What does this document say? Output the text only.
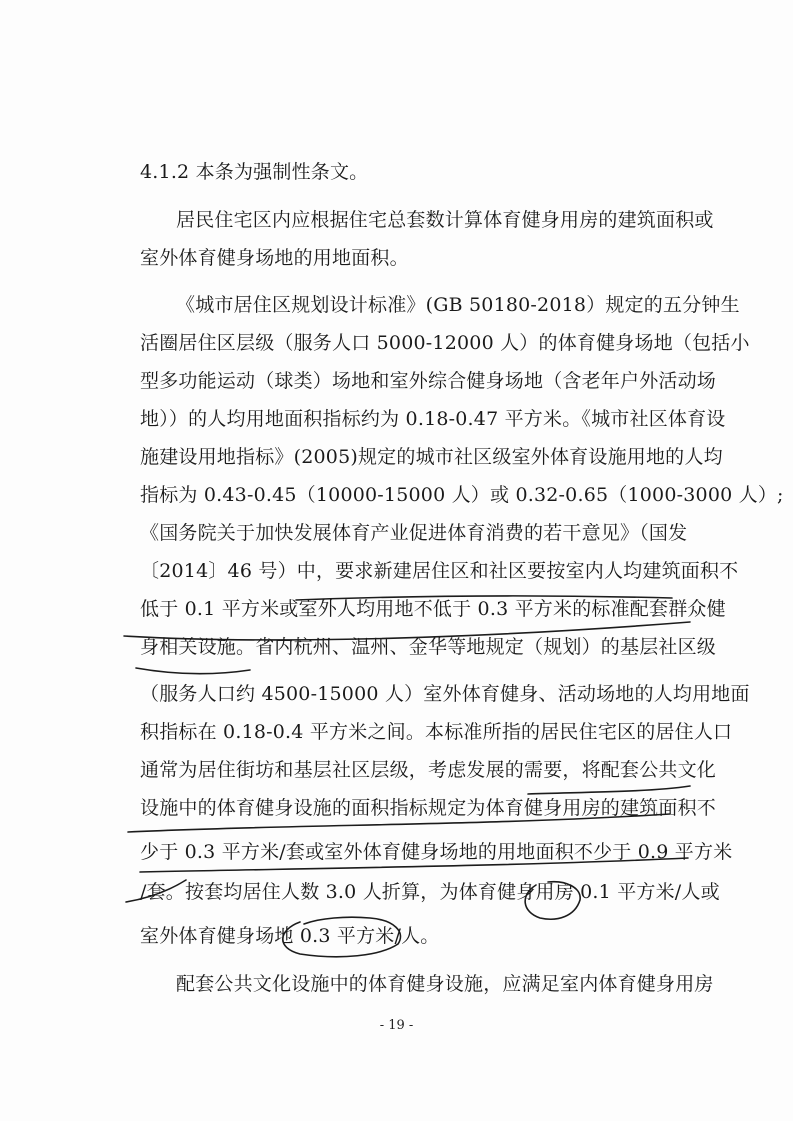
4.1.2 本条为强制性条文。
居民住宅区内应根据住宅总套数计算体育健身用房的建筑面积或
室外体育健身场地的用地面积。
《城市居住区规划设计标准》(GB 50180-2018）规定的五分钟生
活圈居住区层级（服务人口 5000-12000 人）的体育健身场地（包括小
型多功能运动（球类）场地和室外综合健身场地（含老年户外活动场
地））的人均用地面积指标约为 0.18-0.47 平方米。《城市社区体育设
施建设用地指标》(2005)规定的城市社区级室外体育设施用地的人均
指标为 0.43-0.45（10000-15000 人）或 0.32-0.65（1000-3000 人）;
《国务院关于加快发展体育产业促进体育消费的若干意见》（国发
〔2014〕46 号）中，要求新建居住区和社区要按室内人均建筑面积不
低于 0.1 平方米或室外人均用地不低于 0.3 平方米的标准配套群众健
身相关设施。省内杭州、温州、金华等地规定（规划）的基层社区级
（服务人口约 4500-15000 人）室外体育健身、活动场地的人均用地面
积指标在 0.18-0.4 平方米之间。本标准所指的居民住宅区的居住人口
通常为居住街坊和基层社区层级，考虑发展的需要，将配套公共文化
设施中的体育健身设施的面积指标规定为体育健身用房的建筑面积不
少于 0.3 平方米/套或室外体育健身场地的用地面积不少于 0.9 平方米
/套。按套均居住人数 3.0 人折算，为体育健身用房 0.1 平方米/人或
室外体育健身场地 0.3 平方米/人。
配套公共文化设施中的体育健身设施，应满足室内体育健身用房
- 19 -
